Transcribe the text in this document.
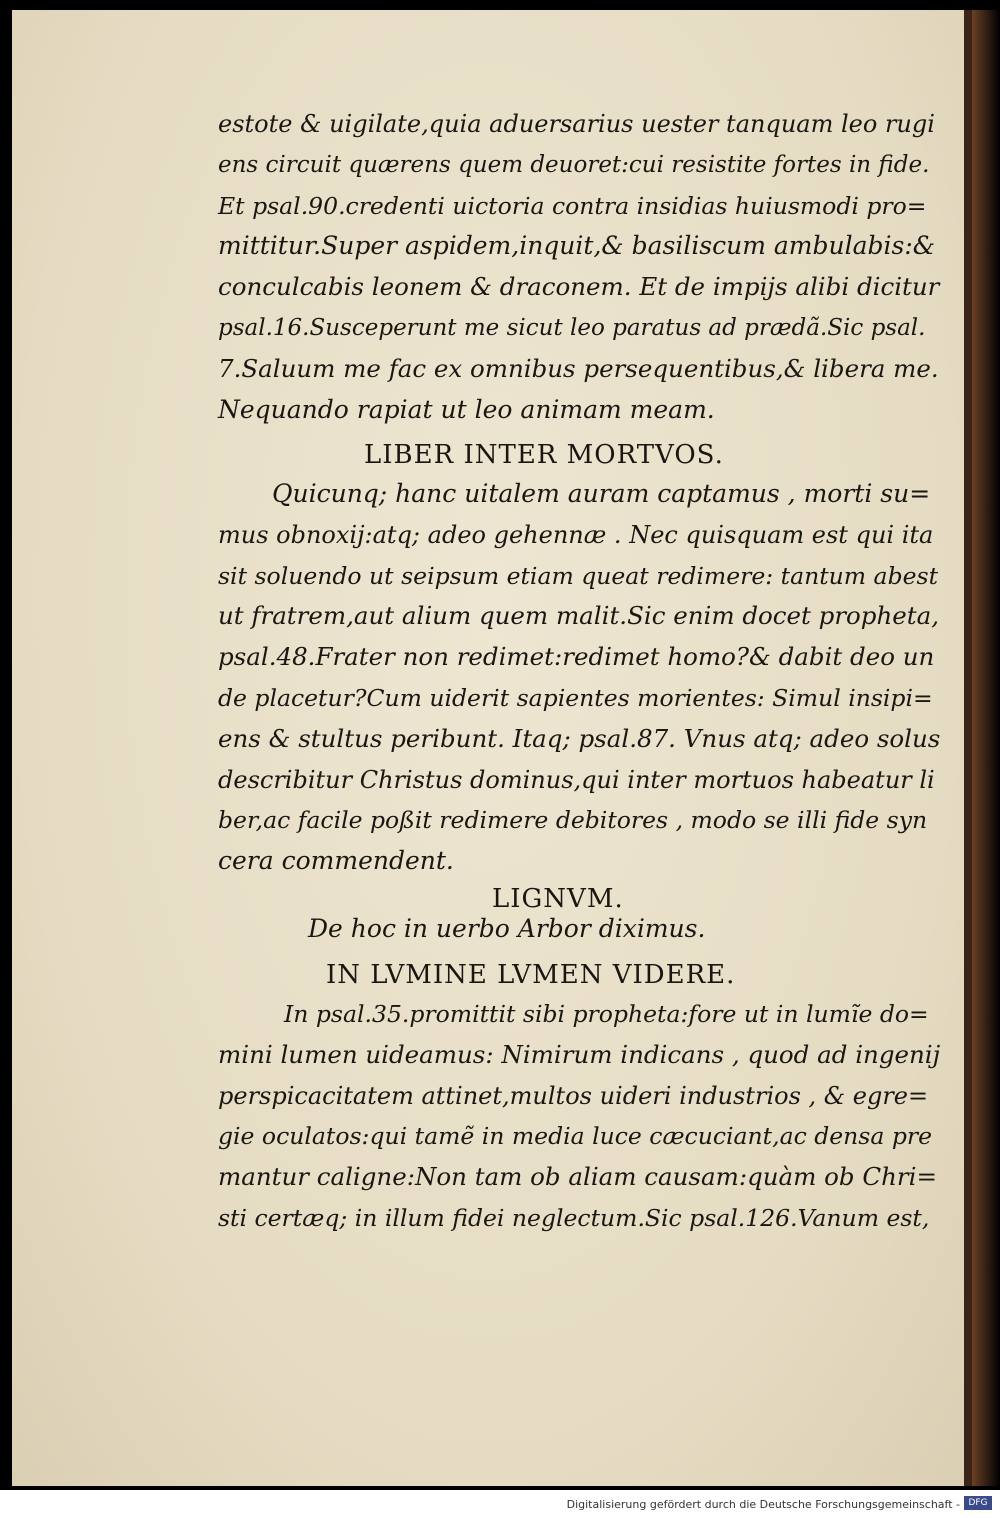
LIBER INTER MORTVOS.
LIGNVM.
De hoc in uerbo Arbor diximus.
IN LVMINE LVMEN VIDERE.
estote & uigilate,quia aduersarius uester tanquam leo rugi
ens circuit quærens quem deuoret:cui resistite fortes in fide.
Et psal.90.credenti uictoria contra insidias huiusmodi pro=
mittitur.Super aspidem,inquit,& basiliscum ambulabis:&
conculcabis leonem & draconem. Et de impijs alibi dicitur
psal.16.Susceperunt me sicut leo paratus ad prædã.Sic psal.
7.Saluum me fac ex omnibus persequentibus,& libera me.
Nequando rapiat ut leo animam meam.
Quicunq; hanc uitalem auram captamus , morti su=
mus obnoxij:atq; adeo gehennæ . Nec quisquam est qui ita
sit soluendo ut seipsum etiam queat redimere: tantum abest
ut fratrem,aut alium quem malit.Sic enim docet propheta,
psal.48.Frater non redimet:redimet homo?& dabit deo un
de placetur?Cum uiderit sapientes morientes: Simul insipi=
ens & stultus peribunt. Itaq; psal.87. Vnus atq; adeo solus
describitur Christus dominus,qui inter mortuos habeatur li
ber,ac facile poßit redimere debitores , modo se illi fide syn
cera commendent.
In psal.35.promittit sibi propheta:fore ut in lumĩe do=
mini lumen uideamus: Nimirum indicans , quod ad ingenij
perspicacitatem attinet,multos uideri industrios , & egre=
gie oculatos:qui tamẽ in media luce cæcuciant,ac densa pre
mantur caligne:Non tam ob aliam causam:quàm ob Chri=
sti certæq; in illum fidei neglectum.Sic psal.126.Vanum est,
Digitalisierung gefördert durch die Deutsche Forschungsgemeinschaft - DFG
